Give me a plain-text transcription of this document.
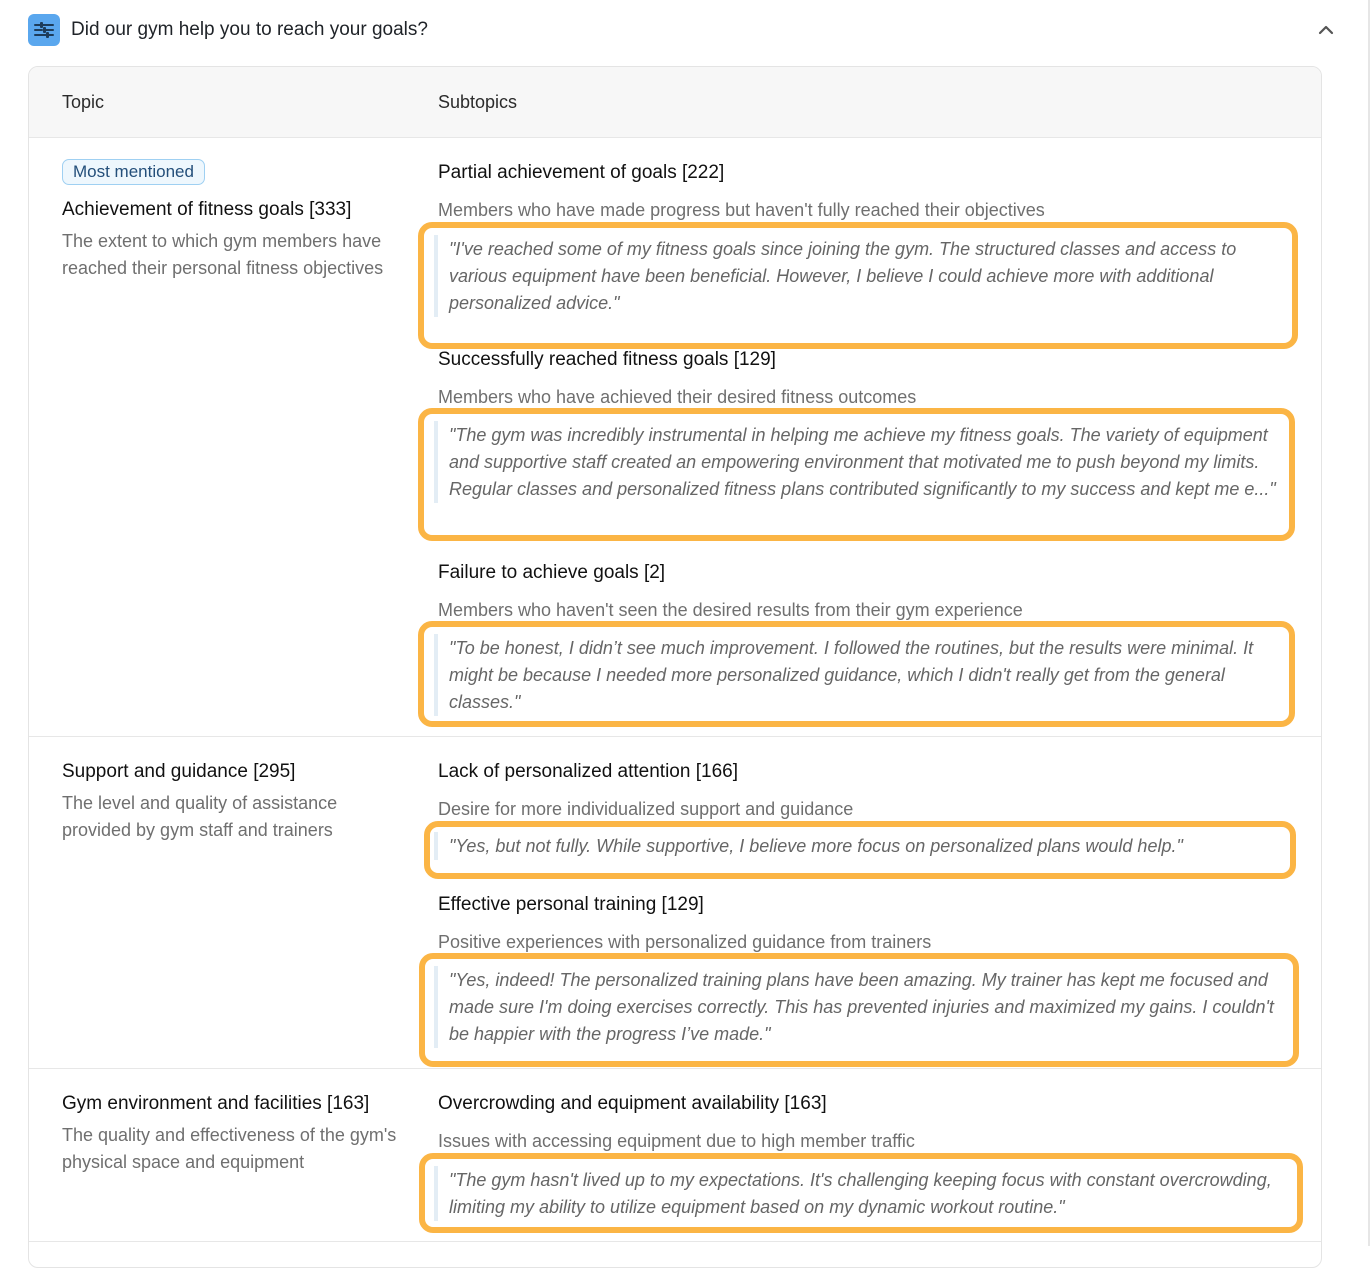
Did our gym help you to reach your goals?
Topic	Subtopics
Most mentioned
Achievement of fitness goals [333]
The extent to which gym members have reached their personal fitness objectives
Partial achievement of goals [222]
Members who have made progress but haven't fully reached their objectives
"I've reached some of my fitness goals since joining the gym. The structured classes and access to various equipment have been beneficial. However, I believe I could achieve more with additional personalized advice."
Successfully reached fitness goals [129]
Members who have achieved their desired fitness outcomes
"The gym was incredibly instrumental in helping me achieve my fitness goals. The variety of equipment and supportive staff created an empowering environment that motivated me to push beyond my limits. Regular classes and personalized fitness plans contributed significantly to my success and kept me e..."
Failure to achieve goals [2]
Members who haven't seen the desired results from their gym experience
"To be honest, I didn’t see much improvement. I followed the routines, but the results were minimal. It might be because I needed more personalized guidance, which I didn't really get from the general classes."
Support and guidance [295]
The level and quality of assistance provided by gym staff and trainers
Lack of personalized attention [166]
Desire for more individualized support and guidance
"Yes, but not fully. While supportive, I believe more focus on personalized plans would help."
Effective personal training [129]
Positive experiences with personalized guidance from trainers
"Yes, indeed! The personalized training plans have been amazing. My trainer has kept me focused and made sure I'm doing exercises correctly. This has prevented injuries and maximized my gains. I couldn't be happier with the progress I’ve made."
Gym environment and facilities [163]
The quality and effectiveness of the gym's physical space and equipment
Overcrowding and equipment availability [163]
Issues with accessing equipment due to high member traffic
"The gym hasn't lived up to my expectations. It's challenging keeping focus with constant overcrowding, limiting my ability to utilize equipment based on my dynamic workout routine."
